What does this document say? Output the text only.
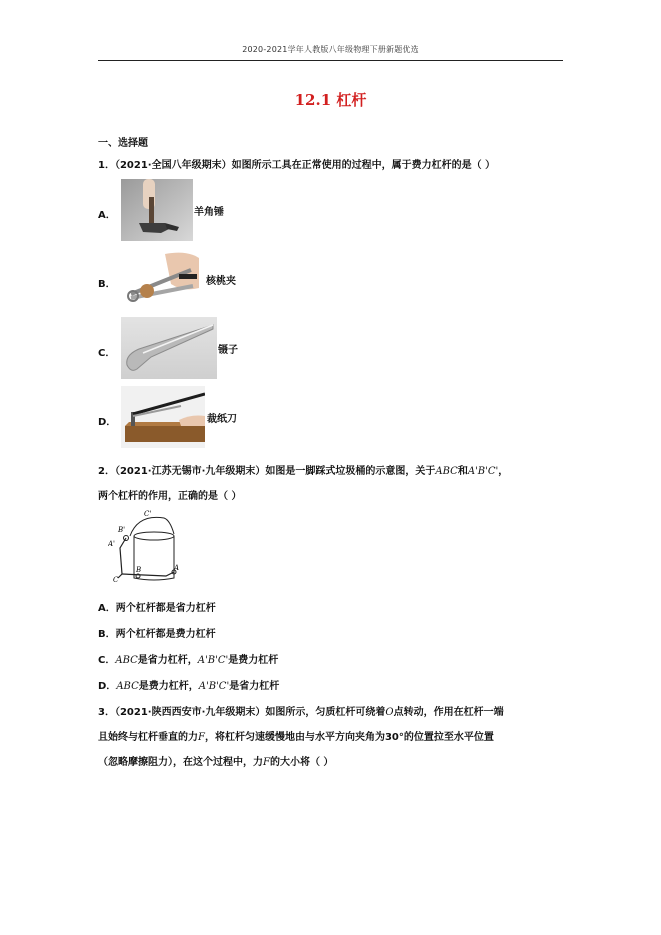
2020-2021学年人教版八年级物理下册新题优选
12.1 杠杆
一、选择题
1．（2021·全国八年级期末）如图所示工具在正常使用的过程中，属于费力杠杆的是（ ）
A．	羊角锤
B．	核桃夹
C．	镊子
D．	裁纸刀
2．（2021·江苏无锡市·九年级期末）如图是一脚踩式垃圾桶的示意图，关于ABC和A'B'C'，
两个杠杆的作用，正确的是（ ）
C'
B'
A'
C
B	A
A．两个杠杆都是省力杠杆
B．两个杠杆都是费力杠杆
C．ABC是省力杠杆，A'B'C'是费力杠杆
D．ABC是费力杠杆，A'B'C'是省力杠杆
3．（2021·陕西西安市·九年级期末）如图所示，匀质杠杆可绕着O点转动，作用在杠杆一端
且始终与杠杆垂直的力F，将杠杆匀速缓慢地由与水平方向夹角为30°的位置拉至水平位置
（忽略摩擦阻力），在这个过程中，力F的大小将（ ）
